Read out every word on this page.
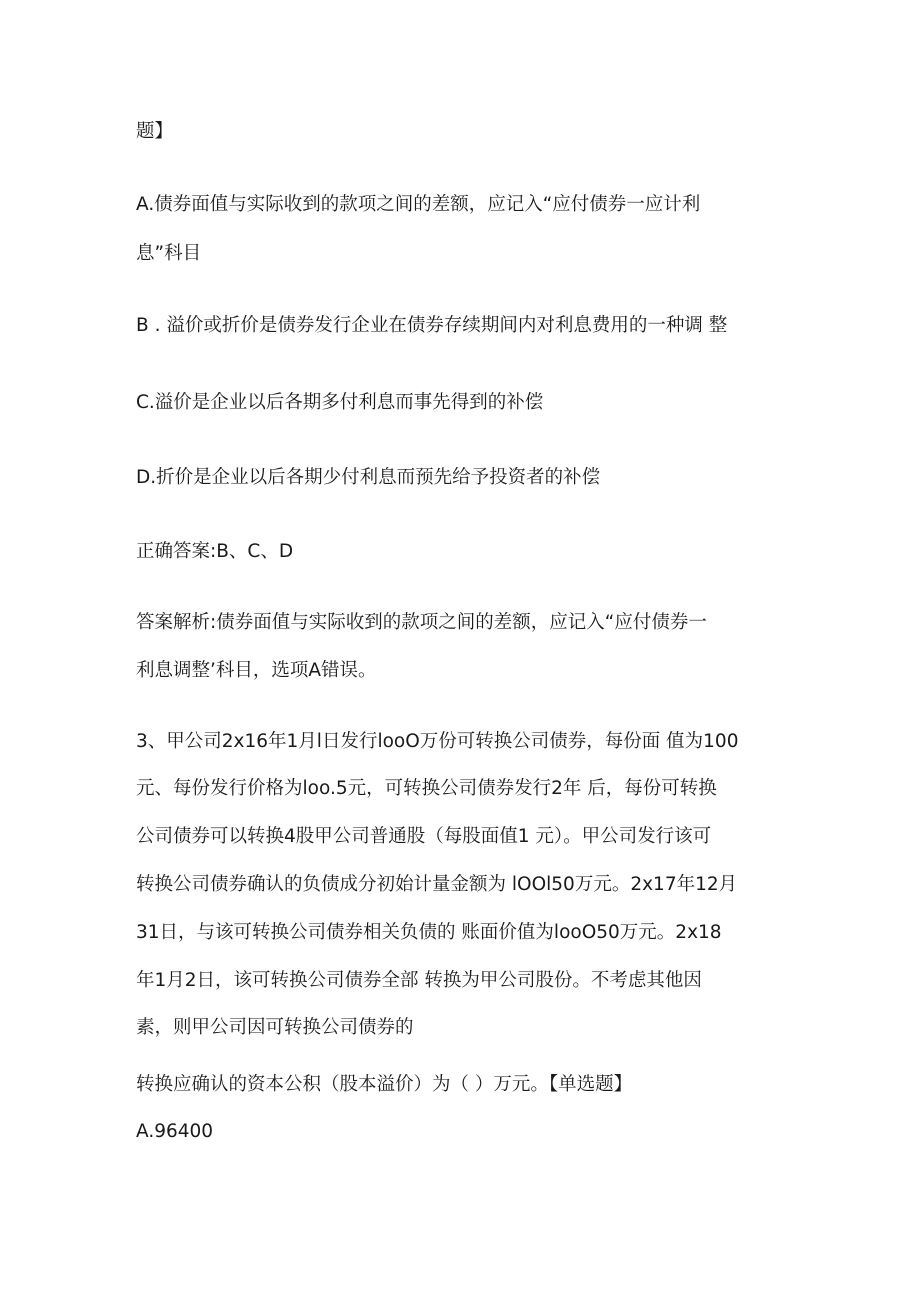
题】
A.债券面值与实际收到的款项之间的差额，应记入“应付债券一应计利
息”科目
B . 溢价或折价是债券发行企业在债券存续期间内对利息费用的一种调 整
C.溢价是企业以后各期多付利息而事先得到的补偿
D.折价是企业以后各期少付利息而预先给予投资者的补偿
正确答案:B、C、D
答案解析:债券面值与实际收到的款项之间的差额，应记入“应付债券一
利息调整’科目，选项A错误。
3、甲公司2x16年1月l日发行looO万份可转换公司债券，每份面 值为100
元、每份发行价格为loo.5元，可转换公司债券发行2年 后，每份可转换
公司债券可以转换4股甲公司普通股（每股面值1 元）。甲公司发行该可
转换公司债券确认的负债成分初始计量金额为 lOOl50万元。2x17年12月
31日，与该可转换公司债券相关负债的 账面价值为looO50万元。2x18
年1月2日，该可转换公司债券全部 转换为甲公司股份。不考虑其他因
素，则甲公司因可转换公司债券的
转换应确认的资本公积（股本溢价）为（ ）万元。【单选题】
A.96400
